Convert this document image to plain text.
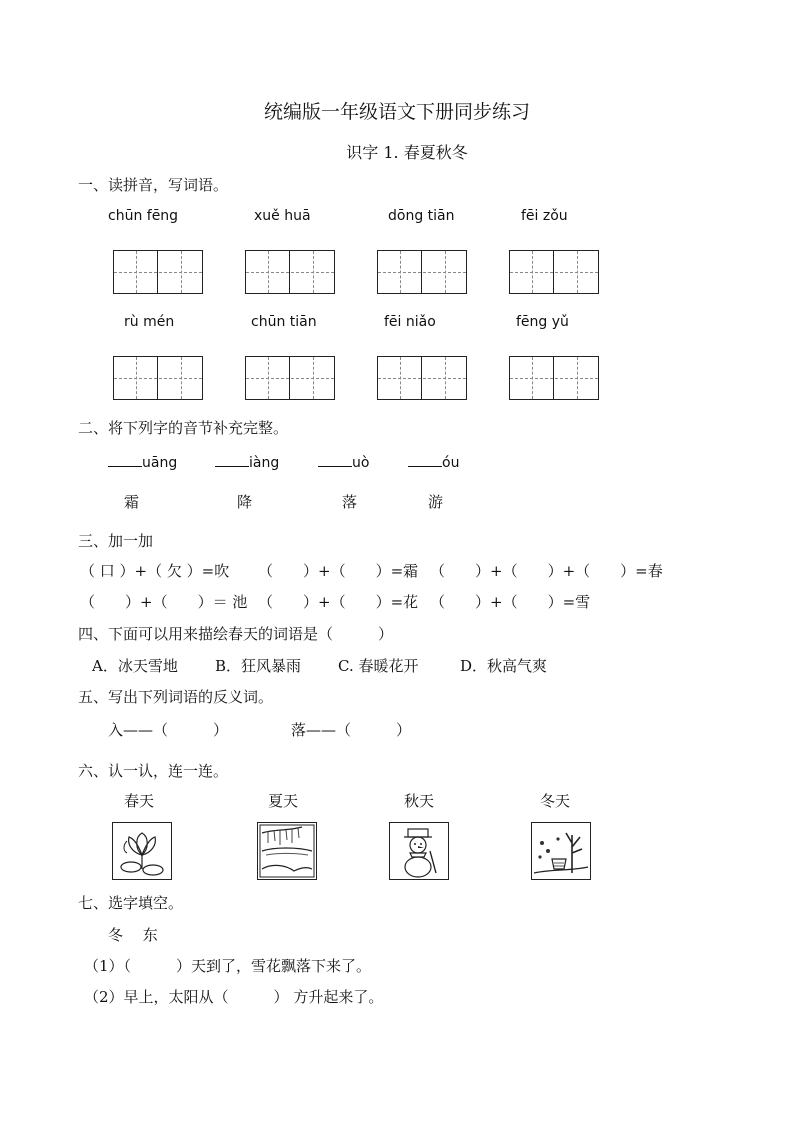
统编版一年级语文下册同步练习
识字 1. 春夏秋冬
一、读拼音，写词语。
chūn fēng	xuě huā	dōng tiān	fēi zǒu
rù mén	chūn tiān	fēi niǎo	fēng yǔ
二、将下列字的音节补充完整。
uāng	iàng	uò	óu
霜	降	落	游
三、加一加
（ 口 ）+（ 欠 ）=吹 （　　）+（　　）=霜 （　　）+（　　）+（　　）=春
（　　）+（　　）＝ 池 （　　）+（　　）=花 （　　）+（　　）=雪
四、下面可以用来描绘春天的词语是（　　　）
A．冰天雪地 B．狂风暴雨 C. 春暖花开	D．秋高气爽
五、写出下列词语的反义词。
入——（　　　）	落——（　　　）
六、认一认，连一连。
春天	夏天	秋天	冬天
七、选字填空。
冬　 东
（1）（　　　）天到了，雪花飘落下来了。
（2）早上，太阳从（　　　） 方升起来了。
